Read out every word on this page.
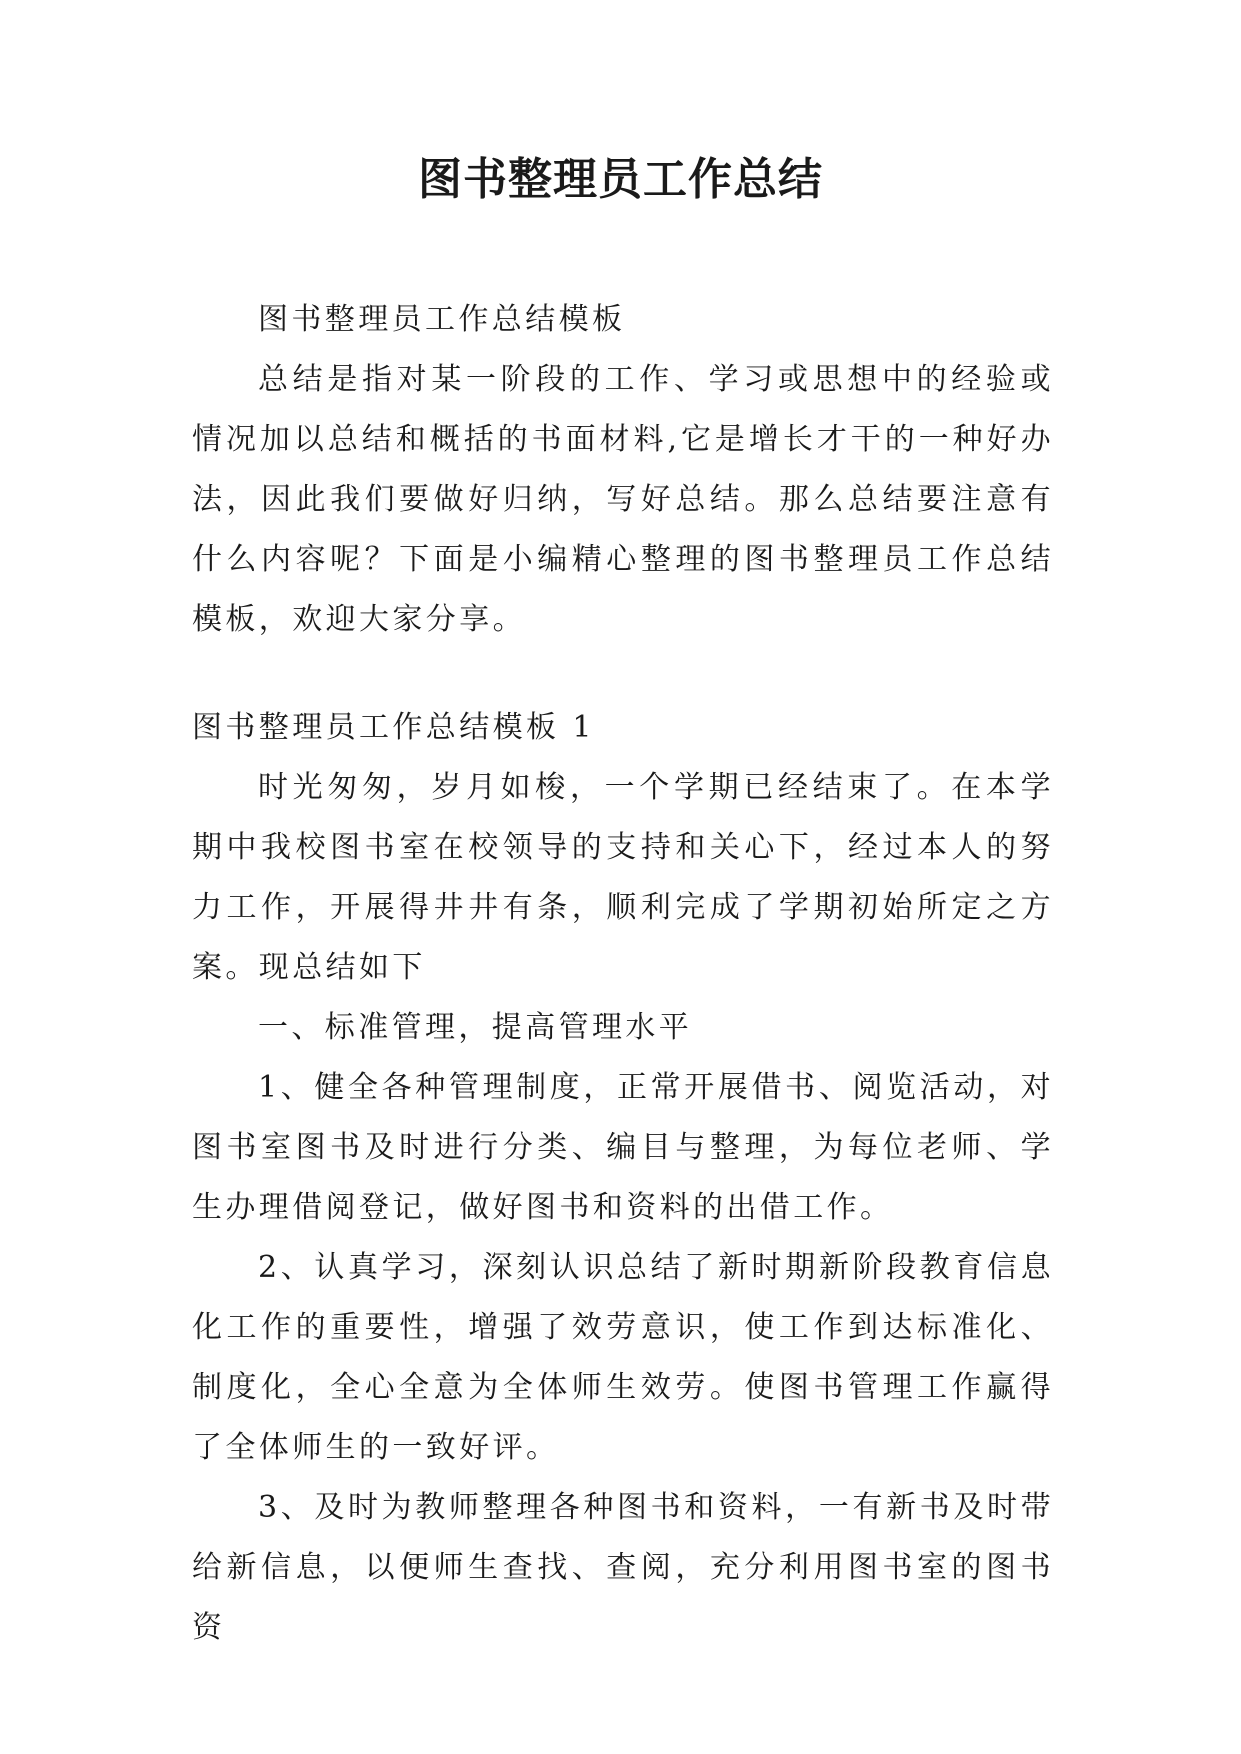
图书整理员工作总结

图书整理员工作总结模板

总结是指对某一阶段的工作、学习或思想中的经验或情况加以总结和概括的书面材料,它是增长才干的一种好办法，因此我们要做好归纳，写好总结。那么总结要注意有什么内容呢？下面是小编精心整理的图书整理员工作总结模板，欢迎大家分享。

图书整理员工作总结模板 1

时光匆匆，岁月如梭，一个学期已经结束了。在本学期中我校图书室在校领导的支持和关心下，经过本人的努力工作，开展得井井有条，顺利完成了学期初始所定之方案。现总结如下

一、标准管理，提高管理水平

1、健全各种管理制度，正常开展借书、阅览活动，对图书室图书及时进行分类、编目与整理，为每位老师、学生办理借阅登记，做好图书和资料的出借工作。

2、认真学习，深刻认识总结了新时期新阶段教育信息化工作的重要性，增强了效劳意识，使工作到达标准化、制度化，全心全意为全体师生效劳。使图书管理工作赢得了全体师生的一致好评。

3、及时为教师整理各种图书和资料，一有新书及时带给新信息，以便师生查找、查阅，充分利用图书室的图书资
